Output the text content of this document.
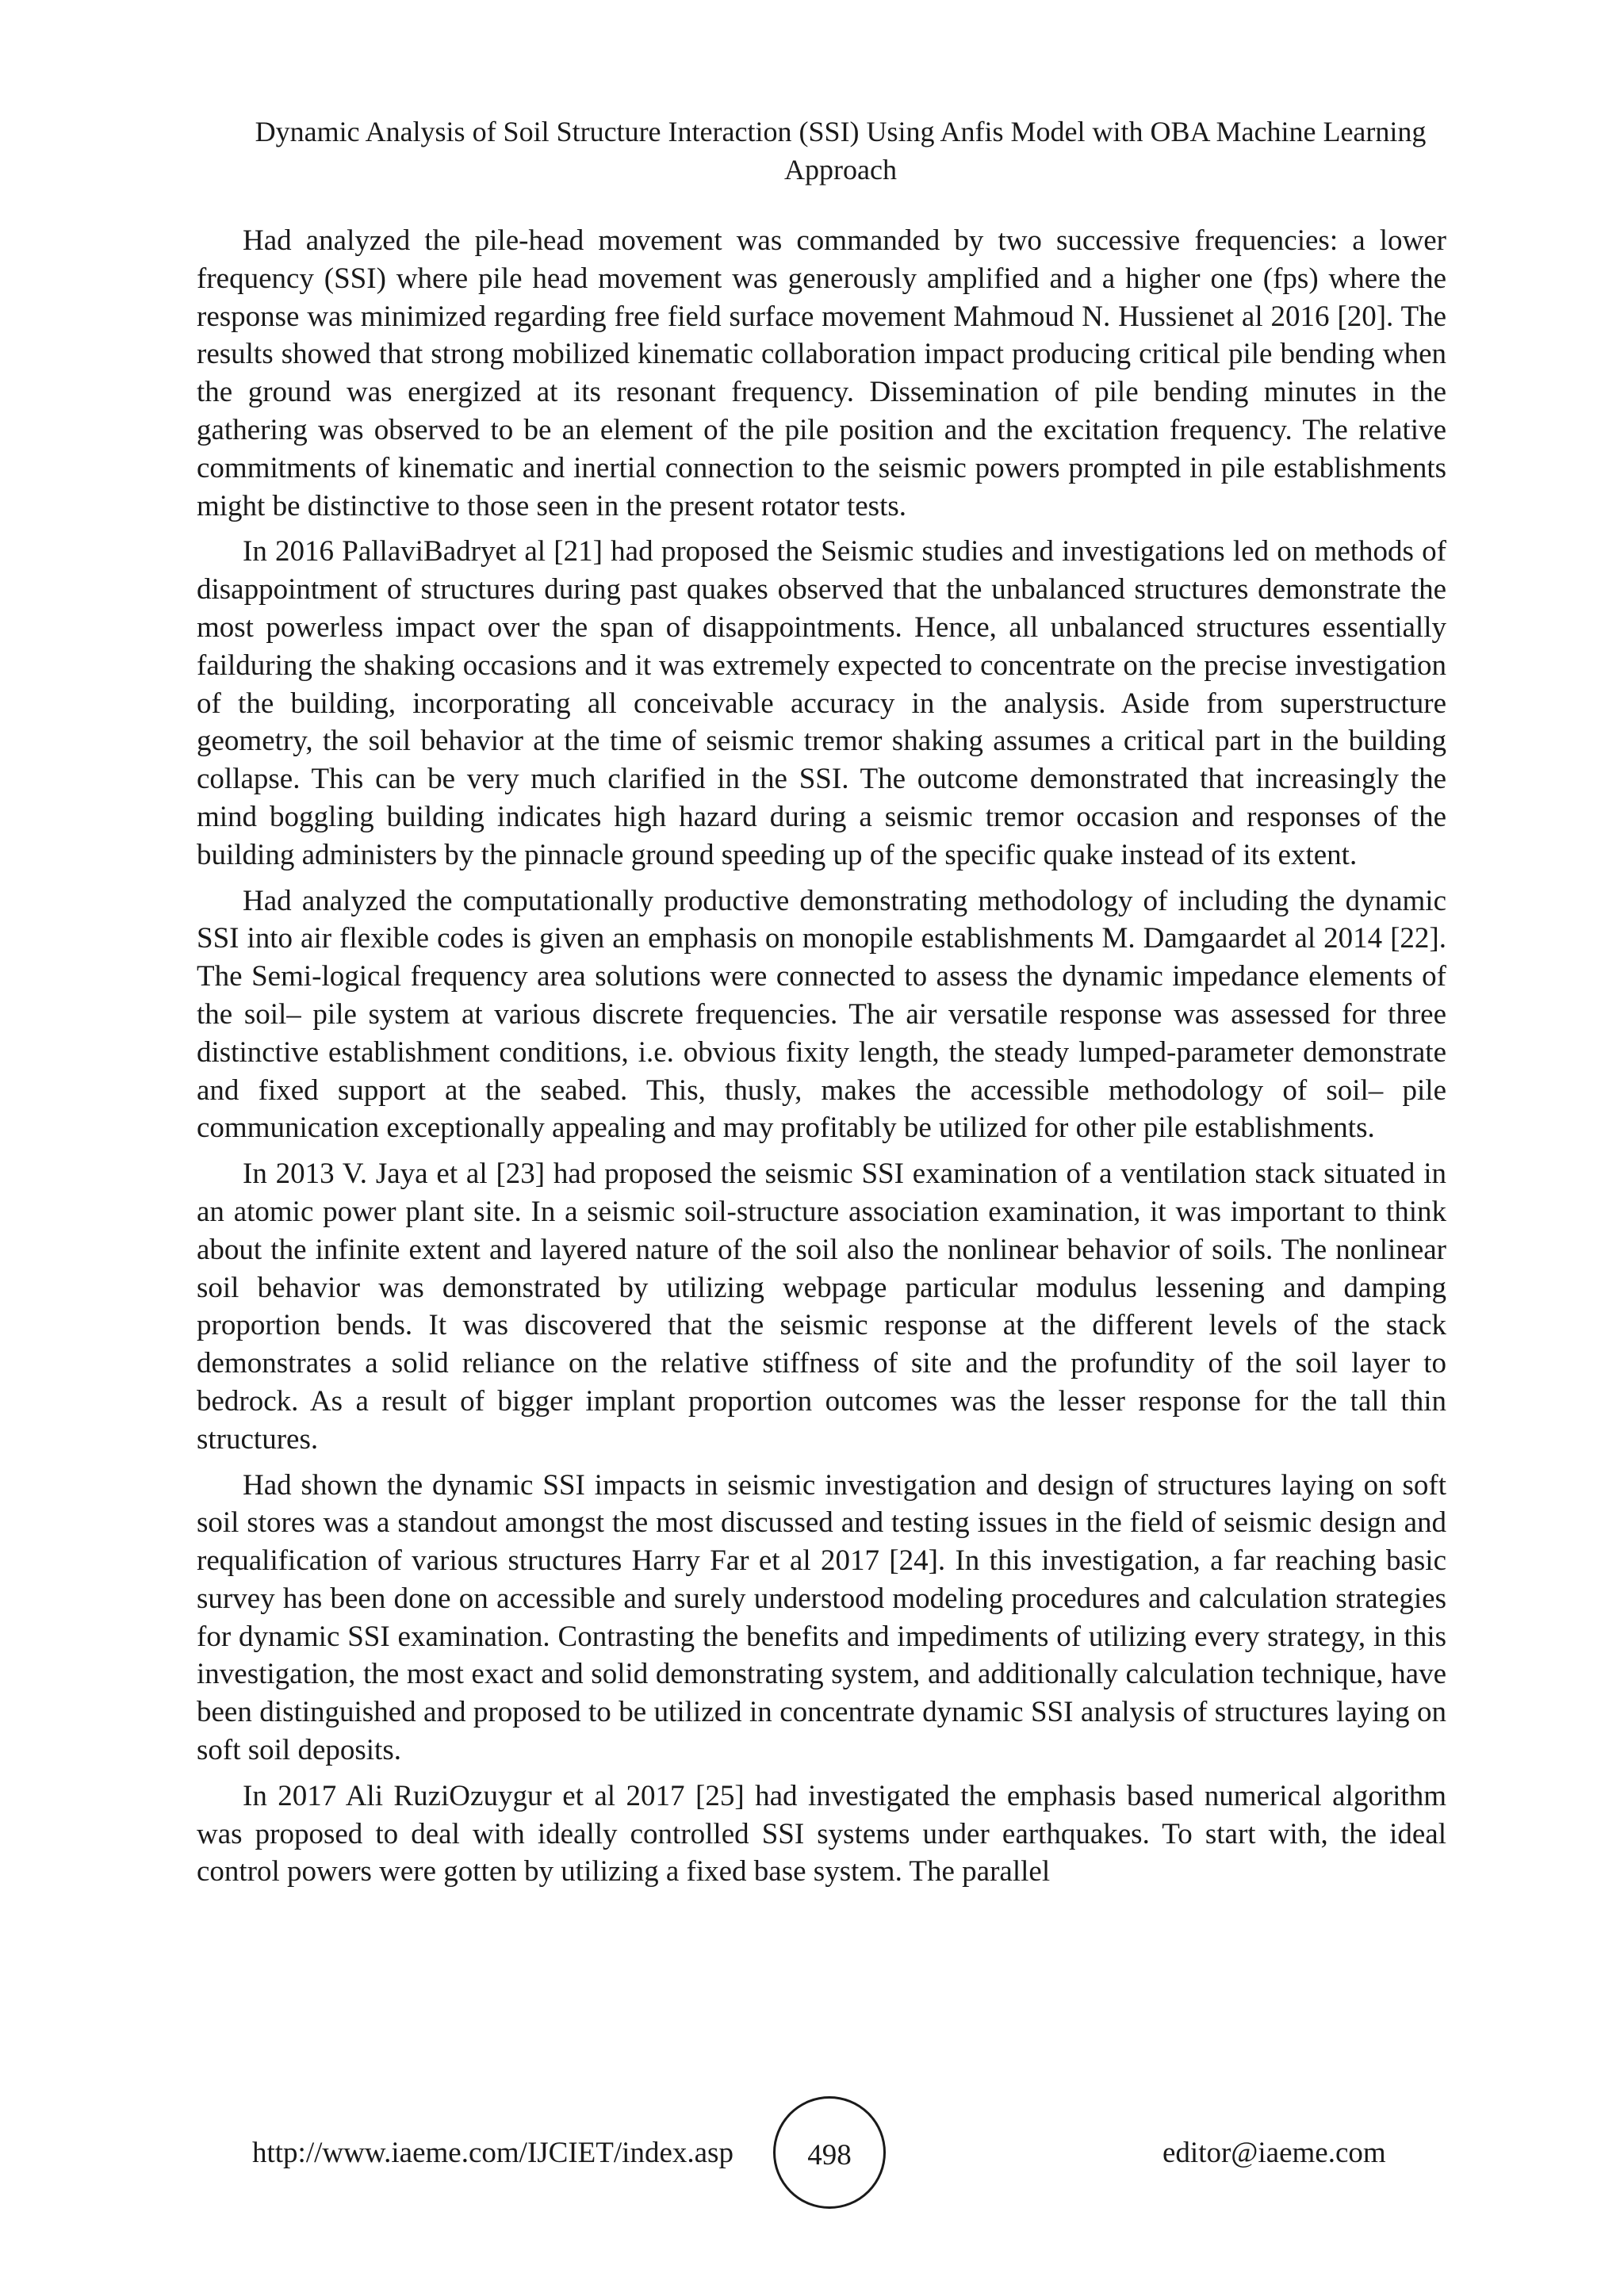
Dynamic Analysis of Soil Structure Interaction (SSI) Using Anfis Model with OBA Machine Learning Approach

Had analyzed the pile-head movement was commanded by two successive frequencies: a lower frequency (SSI) where pile head movement was generously amplified and a higher one (fps) where the response was minimized regarding free field surface movement Mahmoud N. Hussienet al 2016 [20]. The results showed that strong mobilized kinematic collaboration impact producing critical pile bending when the ground was energized at its resonant frequency. Dissemination of pile bending minutes in the gathering was observed to be an element of the pile position and the excitation frequency. The relative commitments of kinematic and inertial connection to the seismic powers prompted in pile establishments might be distinctive to those seen in the present rotator tests.

In 2016 PallaviBadryet al [21] had proposed the Seismic studies and investigations led on methods of disappointment of structures during past quakes observed that the unbalanced structures demonstrate the most powerless impact over the span of disappointments. Hence, all unbalanced structures essentially failduring the shaking occasions and it was extremely expected to concentrate on the precise investigation of the building, incorporating all conceivable accuracy in the analysis. Aside from superstructure geometry, the soil behavior at the time of seismic tremor shaking assumes a critical part in the building collapse. This can be very much clarified in the SSI. The outcome demonstrated that increasingly the mind boggling building indicates high hazard during a seismic tremor occasion and responses of the building administers by the pinnacle ground speeding up of the specific quake instead of its extent.

Had analyzed the computationally productive demonstrating methodology of including the dynamic SSI into air flexible codes is given an emphasis on monopile establishments M. Damgaardet al 2014 [22]. The Semi-logical frequency area solutions were connected to assess the dynamic impedance elements of the soil– pile system at various discrete frequencies. The air versatile response was assessed for three distinctive establishment conditions, i.e. obvious fixity length, the steady lumped-parameter demonstrate and fixed support at the seabed. This, thusly, makes the accessible methodology of soil– pile communication exceptionally appealing and may profitably be utilized for other pile establishments.

In 2013 V. Jaya et al [23] had proposed the seismic SSI examination of a ventilation stack situated in an atomic power plant site. In a seismic soil-structure association examination, it was important to think about the infinite extent and layered nature of the soil also the nonlinear behavior of soils. The nonlinear soil behavior was demonstrated by utilizing webpage particular modulus lessening and damping proportion bends. It was discovered that the seismic response at the different levels of the stack demonstrates a solid reliance on the relative stiffness of site and the profundity of the soil layer to bedrock. As a result of bigger implant proportion outcomes was the lesser response for the tall thin structures.

Had shown the dynamic SSI impacts in seismic investigation and design of structures laying on soft soil stores was a standout amongst the most discussed and testing issues in the field of seismic design and requalification of various structures Harry Far et al 2017 [24]. In this investigation, a far reaching basic survey has been done on accessible and surely understood modeling procedures and calculation strategies for dynamic SSI examination. Contrasting the benefits and impediments of utilizing every strategy, in this investigation, the most exact and solid demonstrating system, and additionally calculation technique, have been distinguished and proposed to be utilized in concentrate dynamic SSI analysis of structures laying on soft soil deposits.

In 2017 Ali RuziOzuygur et al 2017 [25] had investigated the emphasis based numerical algorithm was proposed to deal with ideally controlled SSI systems under earthquakes. To start with, the ideal control powers were gotten by utilizing a fixed base system. The parallel

http://www.iaeme.com/IJCIET/index.asp	498	editor@iaeme.com
